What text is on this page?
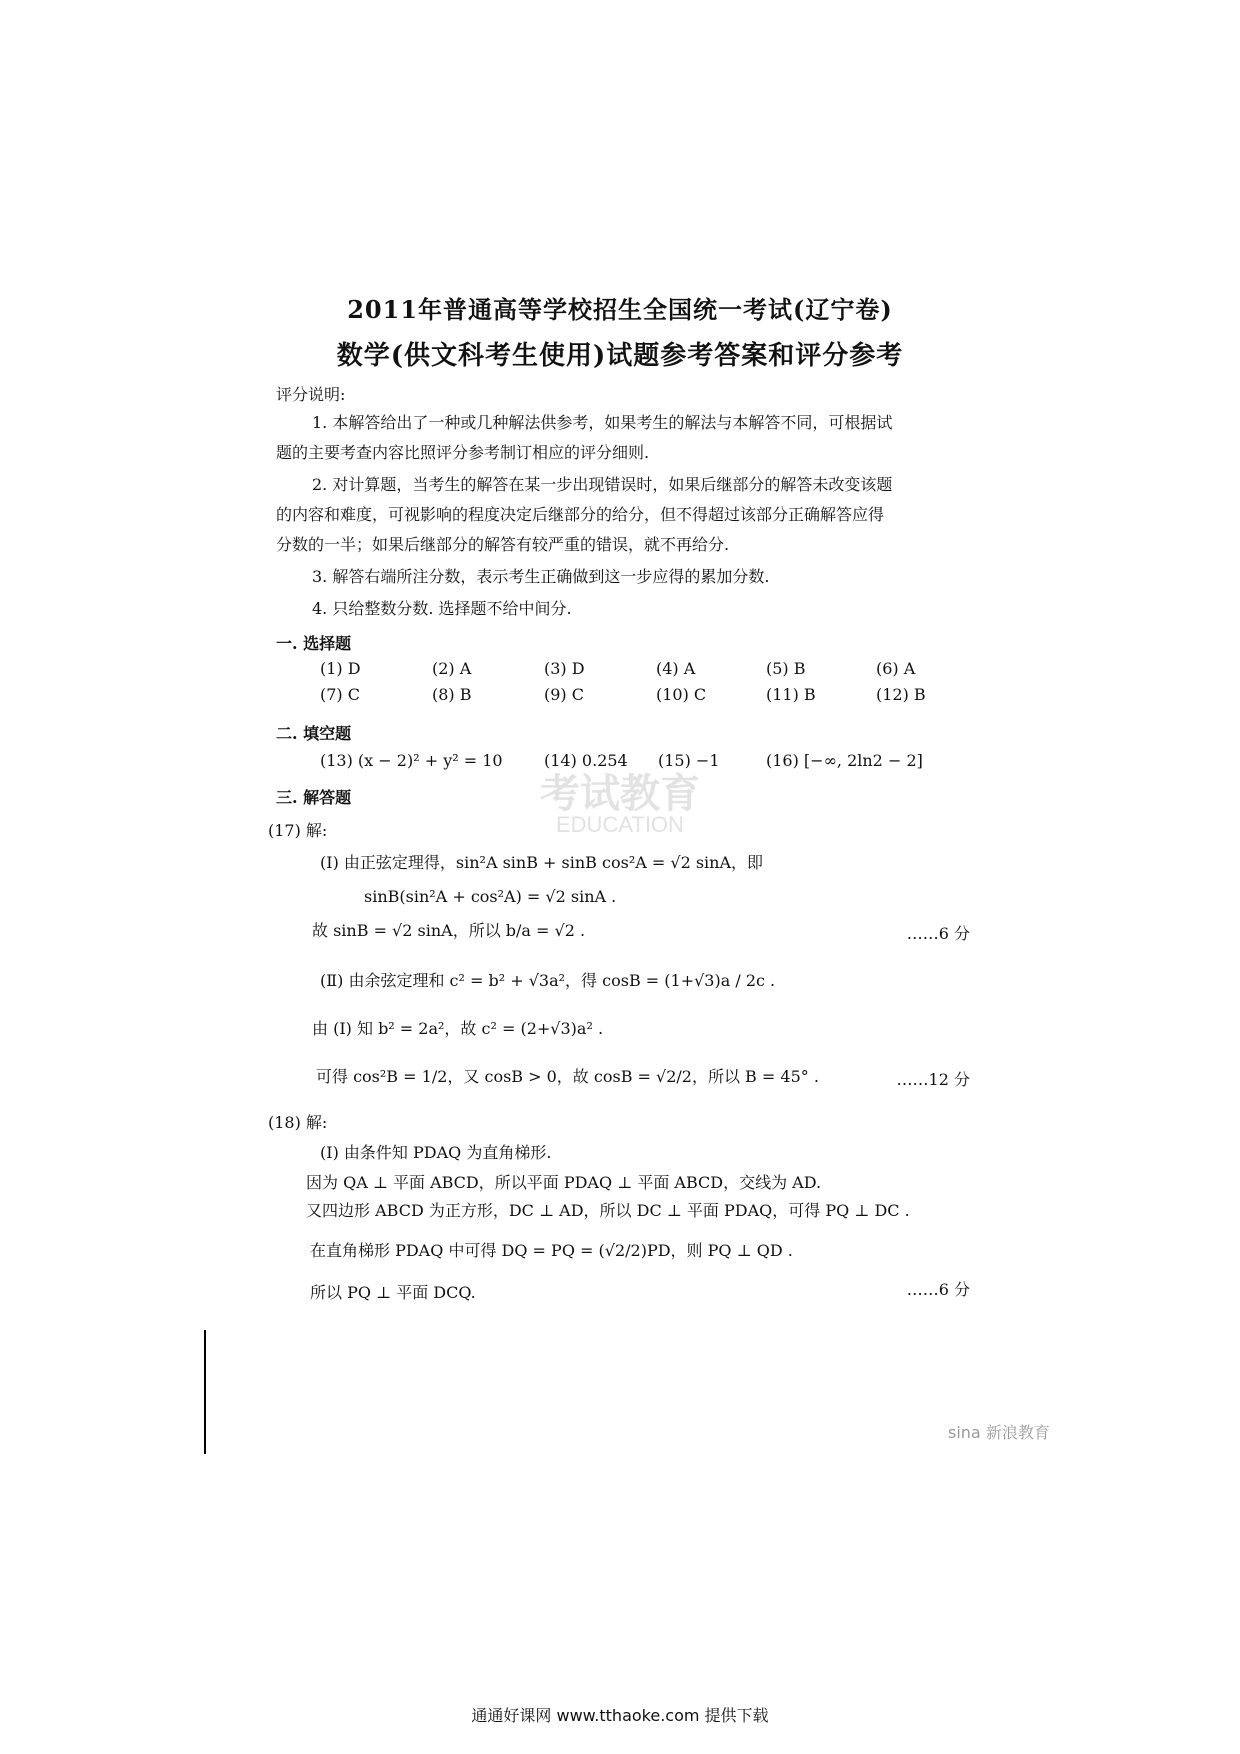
2011年普通高等学校招生全国统一考试(辽宁卷)
数学(供文科考生使用)试题参考答案和评分参考
评分说明:
1. 本解答给出了一种或几种解法供参考，如果考生的解法与本解答不同，可根据试
题的主要考查内容比照评分参考制订相应的评分细则.
2. 对计算题，当考生的解答在某一步出现错误时，如果后继部分的解答未改变该题
的内容和难度，可视影响的程度决定后继部分的给分，但不得超过该部分正确解答应得
分数的一半；如果后继部分的解答有较严重的错误，就不再给分.
3. 解答右端所注分数，表示考生正确做到这一步应得的累加分数.
4. 只给整数分数. 选择题不给中间分.
一. 选择题
(1) D	(2) A	(3) D	(4) A	(5) B	(6) A
(7) C	(8) B	(9) C	(10) C	(11) B	(12) B
二. 填空题
考试教育
EDUCATION
(13) (x − 2)² + y² = 10	(14) 0.254 (15) −1	(16) [−∞, 2ln2 − 2]
三. 解答题
(17) 解:
(Ⅰ) 由正弦定理得，sin²A sinB + sinB cos²A = √2 sinA，即
sinB(sin²A + cos²A) = √2 sinA .
故 sinB = √2 sinA，所以 b/a = √2 .	……6 分
(Ⅱ) 由余弦定理和 c² = b² + √3a²，得 cosB = (1+√3)a / 2c .
由 (Ⅰ) 知 b² = 2a²，故 c² = (2+√3)a² .
可得 cos²B = 1/2，又 cosB > 0，故 cosB = √2/2，所以 B = 45° .	……12 分
(18) 解:
(Ⅰ) 由条件知 PDAQ 为直角梯形.
因为 QA ⊥ 平面 ABCD，所以平面 PDAQ ⊥ 平面 ABCD，交线为 AD.
又四边形 ABCD 为正方形，DC ⊥ AD，所以 DC ⊥ 平面 PDAQ，可得 PQ ⊥ DC .
在直角梯形 PDAQ 中可得 DQ = PQ = (√2/2)PD，则 PQ ⊥ QD .
所以 PQ ⊥ 平面 DCQ.	……6 分
sina 新浪教育
通通好课网 www.tthaoke.com 提供下载
